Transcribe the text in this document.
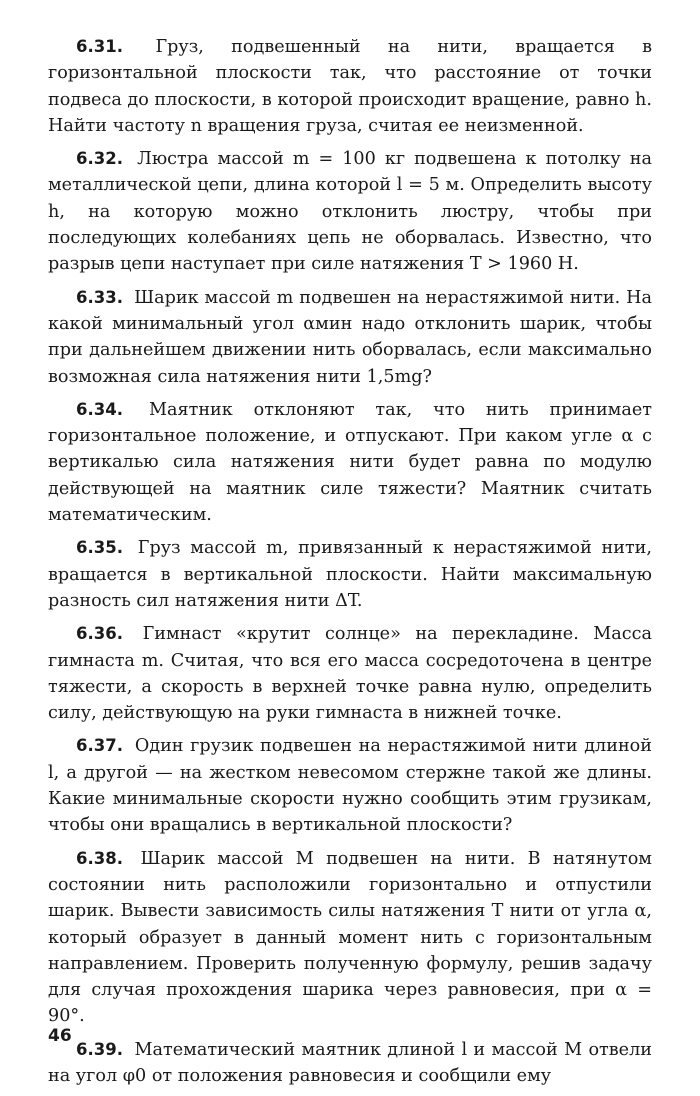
6.31. Груз, подвешенный на нити, вращается в горизонтальной плоскости так, что расстояние от точки подвеса до плоскости, в которой происходит вращение, равно h. Найти частоту n вращения груза, считая ее неизменной.

6.32. Люстра массой m = 100 кг подвешена к потолку на металлической цепи, длина которой l = 5 м. Определить высоту h, на которую можно отклонить люстру, чтобы при последующих колебаниях цепь не оборвалась. Известно, что разрыв цепи наступает при силе натяжения T > 1960 Н.

6.33. Шарик массой m подвешен на нерастяжимой нити. На какой минимальный угол αмин надо отклонить шарик, чтобы при дальнейшем движении нить оборвалась, если максимально возможная сила натяжения нити 1,5mg?

6.34. Маятник отклоняют так, что нить принимает горизонтальное положение, и отпускают. При каком угле α с вертикалью сила натяжения нити будет равна по модулю действующей на маятник силе тяжести? Маятник считать математическим.

6.35. Груз массой m, привязанный к нерастяжимой нити, вращается в вертикальной плоскости. Найти максимальную разность сил натяжения нити ΔT.

6.36. Гимнаст «крутит солнце» на перекладине. Масса гимнаста m. Считая, что вся его масса сосредоточена в центре тяжести, а скорость в верхней точке равна нулю, определить силу, действующую на руки гимнаста в нижней точке.

6.37. Один грузик подвешен на нерастяжимой нити длиной l, а другой — на жестком невесомом стержне такой же длины. Какие минимальные скорости нужно сообщить этим грузикам, чтобы они вращались в вертикальной плоскости?

6.38. Шарик массой M подвешен на нити. В натянутом состоянии нить расположили горизонтально и отпустили шарик. Вывести зависимость силы натяжения T нити от угла α, который образует в данный момент нить с горизонтальным направлением. Проверить полученную формулу, решив задачу для случая прохождения шарика через равновесия, при α = 90°.

6.39. Математический маятник длиной l и массой M отвели на угол φ0 от положения равновесия и сообщили ему

46
